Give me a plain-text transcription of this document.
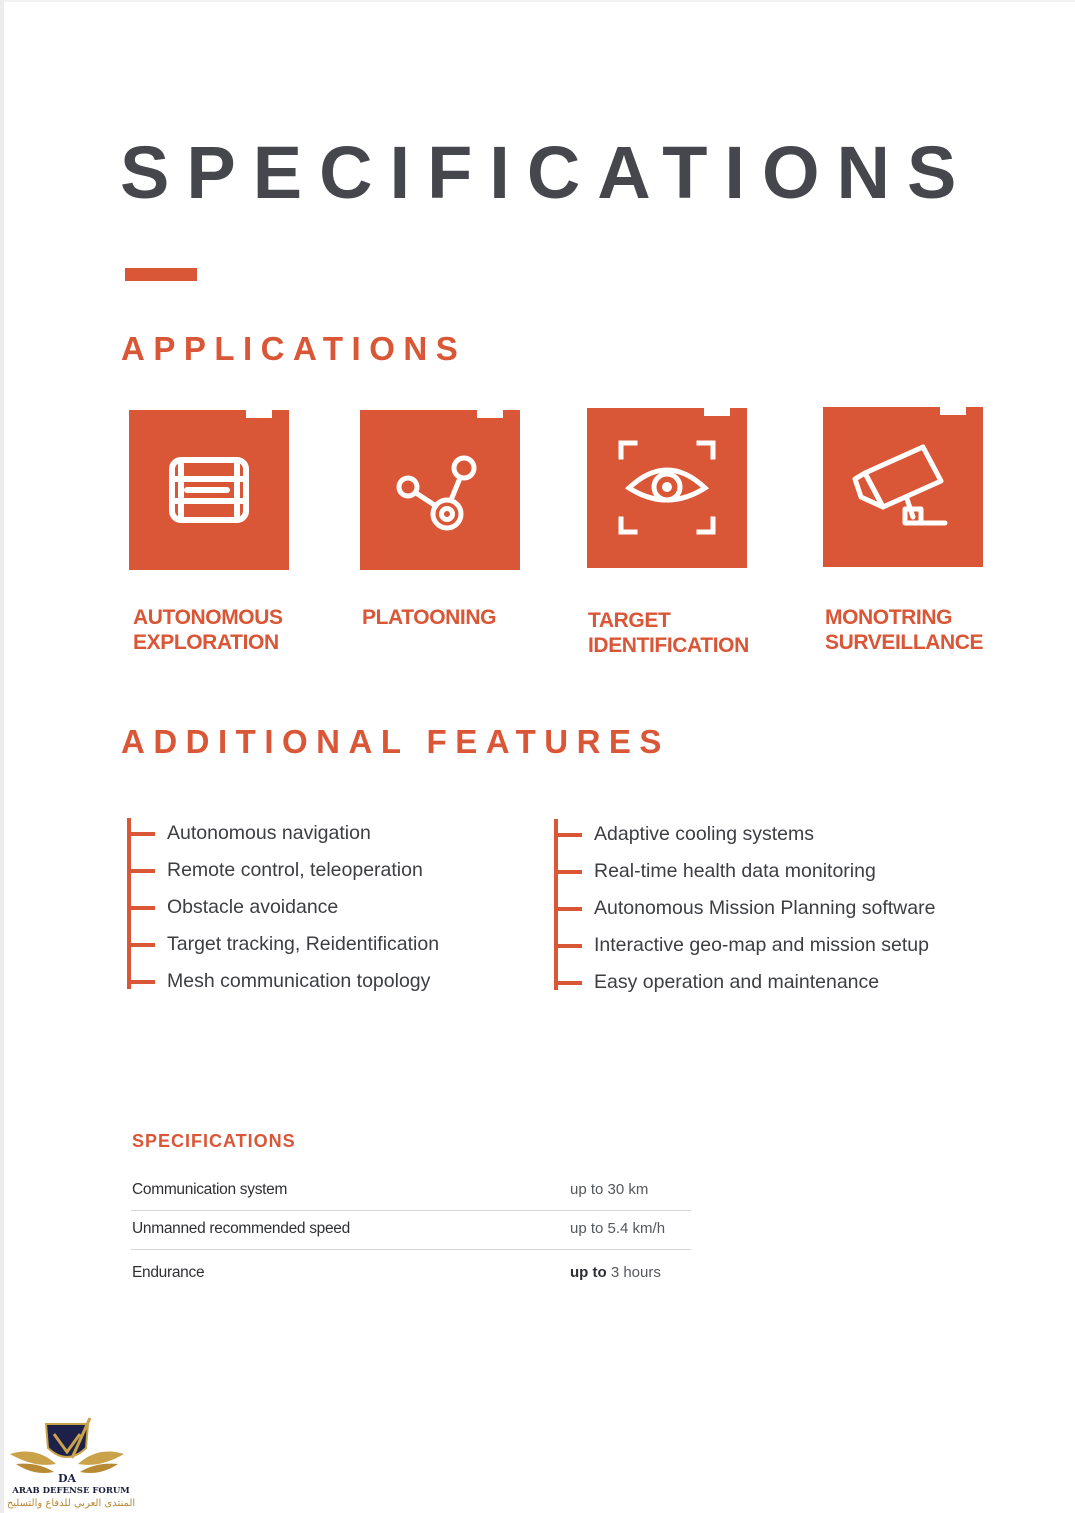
SPECIFICATIONS
APPLICATIONS
AUTONOMOUS
EXPLORATION
PLATOONING	TARGET
IDENTIFICATION
MONOTRING
SURVEILLANCE
ADDITIONAL FEATURES
Autonomous navigation
Remote control, teleoperation
Obstacle avoidance
Target tracking, Reidentification
Mesh communication topology
Adaptive cooling systems
Real-time health data monitoring
Autonomous Mission Planning software
Interactive geo-map and mission setup
Easy operation and maintenance
SPECIFICATIONS
Communication system	up to 30 km
Unmanned recommended speed	up to 5.4 km/h
Endurance	up to 3 hours
DA
ARAB DEFENSE FORUM
المنتدى العربي للدفاع والتسليح
